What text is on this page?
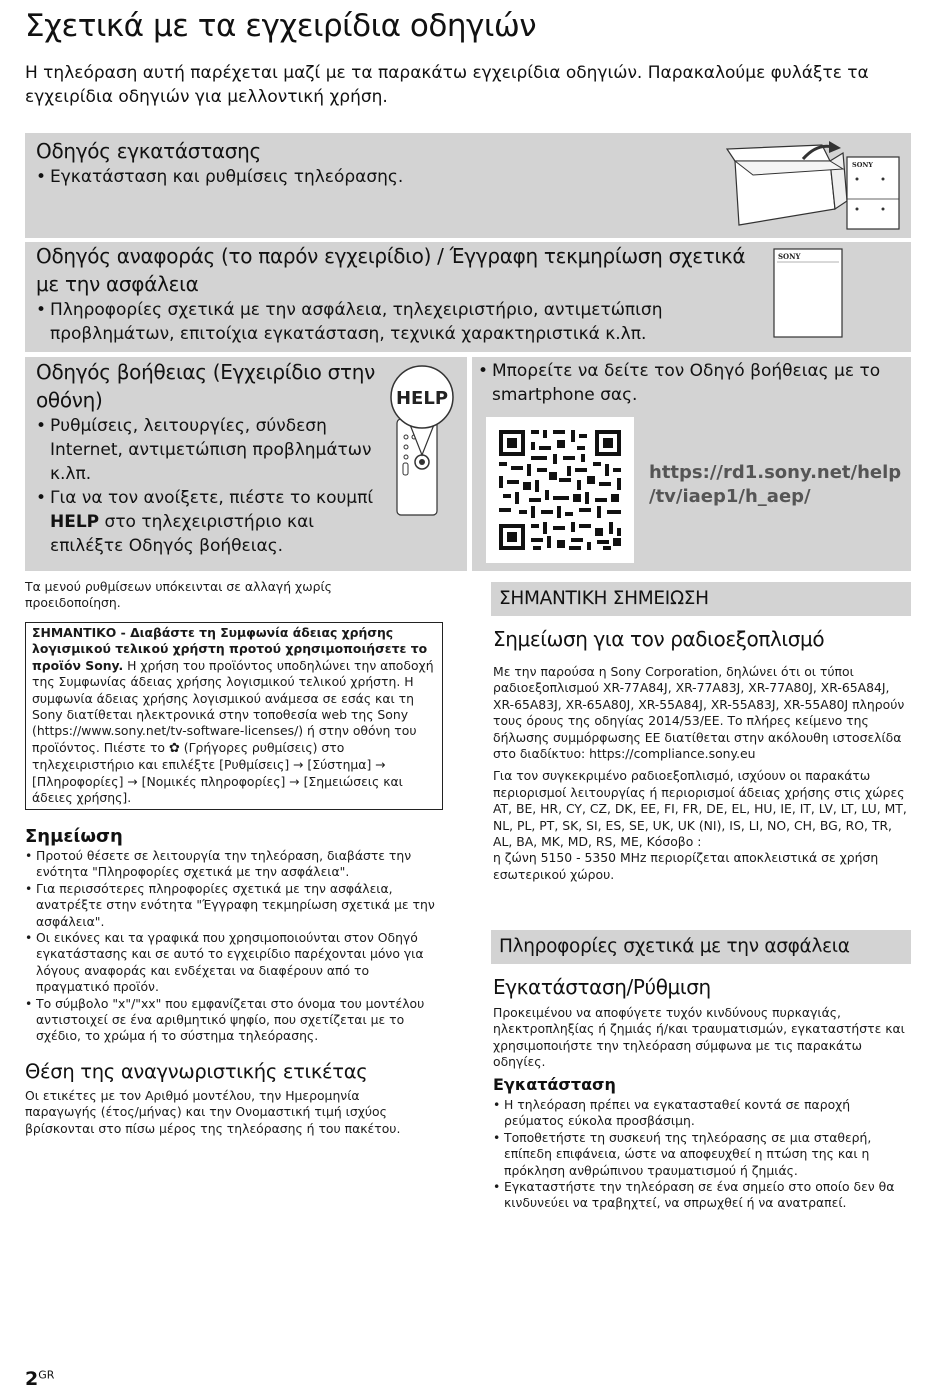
Σχετικά με τα εγχειρίδια οδηγιών
Η τηλεόραση αυτή παρέχεται μαζί με τα παρακάτω εγχειρίδια οδηγιών. Παρακαλούμε φυλάξτε τα εγχειρίδια οδηγιών για μελλοντική χρήση.
Οδηγός εγκατάστασης
• Εγκατάσταση και ρυθμίσεις τηλεόρασης.
SONY
Οδηγός αναφοράς (το παρόν εγχειρίδιο) / Έγγραφη τεκμηρίωση σχετικά με την ασφάλεια
• Πληροφορίες σχετικά με την ασφάλεια, τηλεχειριστήριο, αντιμετώπιση προβλημάτων, επιτοίχια εγκατάσταση, τεχνικά χαρακτηριστικά κ.λπ.
SONY
Οδηγός βοήθειας (Εγχειρίδιο στην οθόνη)
• Ρυθμίσεις, λειτουργίες, σύνδεση Internet, αντιμετώπιση προβλημάτων κ.λπ.
• Για να τον ανοίξετε, πιέστε το κουμπί HELP στο τηλεχειριστήριο και επιλέξτε Οδηγός βοήθειας.
HELP
• Μπορείτε να δείτε τον Οδηγό βοήθειας με το smartphone σας.
https://rd1.sony.net/help
/tv/iaep1/h_aep/
Τα μενού ρυθμίσεων υπόκεινται σε αλλαγή χωρίς προειδοποίηση.
ΣΗΜΑΝΤΙΚΟ - Διαβάστε τη Συμφωνία άδειας χρήσης λογισμικού τελικού χρήστη προτού χρησιμοποιήσετε το προϊόν Sony. Η χρήση του προϊόντος υποδηλώνει την αποδοχή της Συμφωνίας άδειας χρήσης λογισμικού τελικού χρήστη. Η συμφωνία άδειας χρήσης λογισμικού ανάμεσα σε εσάς και τη Sony διατίθεται ηλεκτρονικά στην τοποθεσία web της Sony (https://www.sony.net/tv-software-licenses/) ή στην οθόνη του προϊόντος. Πιέστε το ✿ (Γρήγορες ρυθμίσεις) στο τηλεχειριστήριο και επιλέξτε [Ρυθμίσεις] → [Σύστημα] → [Πληροφορίες] → [Νομικές πληροφορίες] → [Σημειώσεις και άδειες χρήσης].
Σημείωση
• Προτού θέσετε σε λειτουργία την τηλεόραση, διαβάστε την ενότητα "Πληροφορίες σχετικά με την ασφάλεια".
• Για περισσότερες πληροφορίες σχετικά με την ασφάλεια, ανατρέξτε στην ενότητα "Έγγραφη τεκμηρίωση σχετικά με την ασφάλεια".
• Οι εικόνες και τα γραφικά που χρησιμοποιούνται στον Οδηγό εγκατάστασης και σε αυτό το εγχειρίδιο παρέχονται μόνο για λόγους αναφοράς και ενδέχεται να διαφέρουν από το πραγματικό προϊόν.
• Το σύμβολο "x"/"xx" που εμφανίζεται στο όνομα του μοντέλου αντιστοιχεί σε ένα αριθμητικό ψηφίο, που σχετίζεται με το σχέδιο, το χρώμα ή το σύστημα τηλεόρασης.
Θέση της αναγνωριστικής ετικέτας
Οι ετικέτες με τον Αριθμό μοντέλου, την Ημερομηνία παραγωγής (έτος/μήνας) και την Ονομαστική τιμή ισχύος βρίσκονται στο πίσω μέρος της τηλεόρασης ή του πακέτου.
ΣΗΜΑΝΤΙΚΗ ΣΗΜΕΙΩΣΗ
Σημείωση για τον ραδιοεξοπλισμό

Με την παρούσα η Sony Corporation, δηλώνει ότι οι τύποι ραδιοεξοπλισμού XR-77A84J, XR-77A83J, XR-77A80J, XR-65A84J, XR-65A83J, XR-65A80J, XR-55A84J, XR-55A83J, XR-55A80J πληρούν τους όρους της οδηγίας 2014/53/ΕΕ. Το πλήρες κείμενο της δήλωσης συμμόρφωσης ΕΕ διατίθεται στην ακόλουθη ιστοσελίδα στο διαδίκτυο: https://compliance.sony.eu

Για τον συγκεκριμένο ραδιοεξοπλισμό, ισχύουν οι παρακάτω περιορισμοί λειτουργίας ή περιορισμοί άδειας χρήσης στις χώρες AT, BE, HR, CY, CZ, DK, EE, FI, FR, DE, EL, HU, IE, IT, LV, LT, LU, MT, NL, PL, PT, SK, SI, ES, SE, UK, UK (NI), IS, LI, NO, CH, BG, RO, TR, AL, BA, MK, MD, RS, ME, Κόσοβο :

η ζώνη 5150 - 5350 MHz περιορίζεται αποκλειστικά σε χρήση εσωτερικού χώρου.

Πληροφορίες σχετικά με την ασφάλεια
Εγκατάσταση/Ρύθμιση
Προκειμένου να αποφύγετε τυχόν κινδύνους πυρκαγιάς, ηλεκτροπληξίας ή ζημιάς ή/και τραυματισμών, εγκαταστήστε και χρησιμοποιήστε την τηλεόραση σύμφωνα με τις παρακάτω οδηγίες.
Εγκατάσταση
• Η τηλεόραση πρέπει να εγκατασταθεί κοντά σε παροχή ρεύματος εύκολα προσβάσιμη.
• Τοποθετήστε τη συσκευή της τηλεόρασης σε μια σταθερή, επίπεδη επιφάνεια, ώστε να αποφευχθεί η πτώση της και η πρόκληση ανθρώπινου τραυματισμού ή ζημιάς.
• Εγκαταστήστε την τηλεόραση σε ένα σημείο στο οποίο δεν θα κινδυνεύει να τραβηχτεί, να σπρωχθεί ή να ανατραπεί.
$2^{GR}$
